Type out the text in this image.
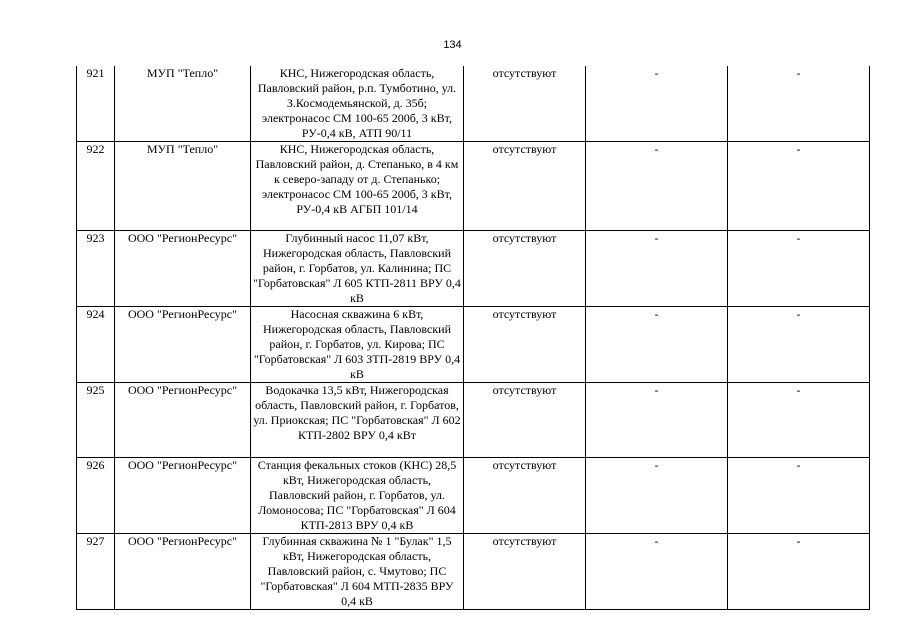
134
921	МУП "Тепло"	КНС, Нижегородская область, Павловский район, р.п. Тумботино, ул. З.Космодемьянской, д. 35б; электронасос СМ 100-65 200б, 3 кВт, РУ-0,4 кВ, АТП 90/11	отсутствуют	-	-
922	МУП "Тепло"	КНС, Нижегородская область, Павловский район, д. Степанько, в 4 км к северо-западу от д. Степанько; электронасос СМ 100-65 200б, 3 кВт, РУ-0,4 кВ АГБП 101/14	отсутствуют	-	-
923	ООО "РегионРесурс"	Глубинный насос 11,07 кВт, Нижегородская область, Павловский район, г. Горбатов, ул. Калинина; ПС "Горбатовская" Л 605 КТП-2811 ВРУ 0,4 кВ	отсутствуют	-	-
924	ООО "РегионРесурс"	Насосная скважина 6 кВт, Нижегородская область, Павловский район, г. Горбатов, ул. Кирова; ПС "Горбатовская" Л 603 ЗТП-2819 ВРУ 0,4 кВ	отсутствуют	-	-
925	ООО "РегионРесурс"	Водокачка 13,5 кВт, Нижегородская область, Павловский район, г. Горбатов, ул. Приокская; ПС "Горбатовская" Л 602 КТП-2802 ВРУ 0,4 кВт	отсутствуют	-	-
926	ООО "РегионРесурс"	Станция фекальных стоков (КНС) 28,5 кВт, Нижегородская область, Павловский район, г. Горбатов, ул. Ломоносова; ПС "Горбатовская" Л 604 КТП-2813 ВРУ 0,4 кВ	отсутствуют	-	-
927	ООО "РегионРесурс"	Глубинная скважина № 1 "Булак" 1,5 кВт, Нижегородская область, Павловский район, с. Чмутово; ПС "Горбатовская" Л 604 МТП-2835 ВРУ 0,4 кВ	отсутствуют	-	-
